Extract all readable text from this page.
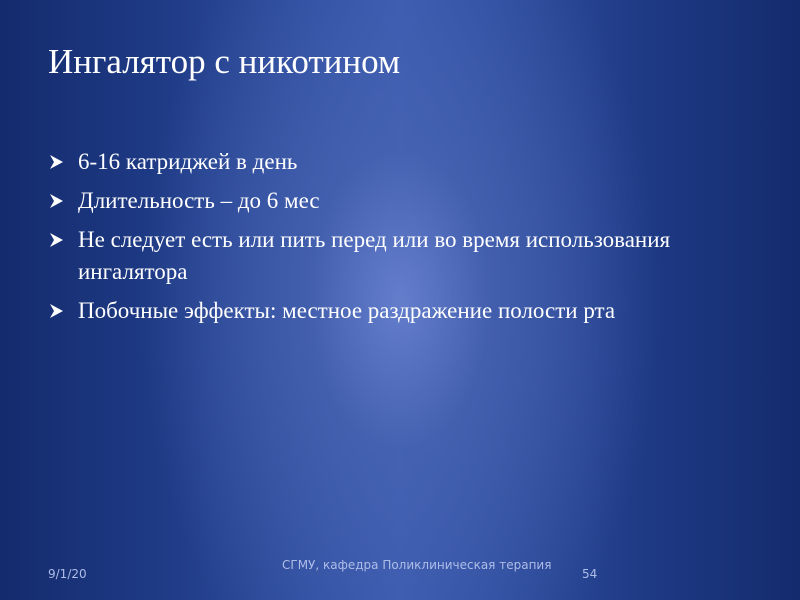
Ингалятор с никотином
6-16 катриджей в день
Длительность – до 6 мес
Не следует есть или пить перед или во время использования ингалятора
Побочные эффекты: местное раздражение полости рта
9/1/20
СГМУ, кафедра Поликлиническая терапия
54
